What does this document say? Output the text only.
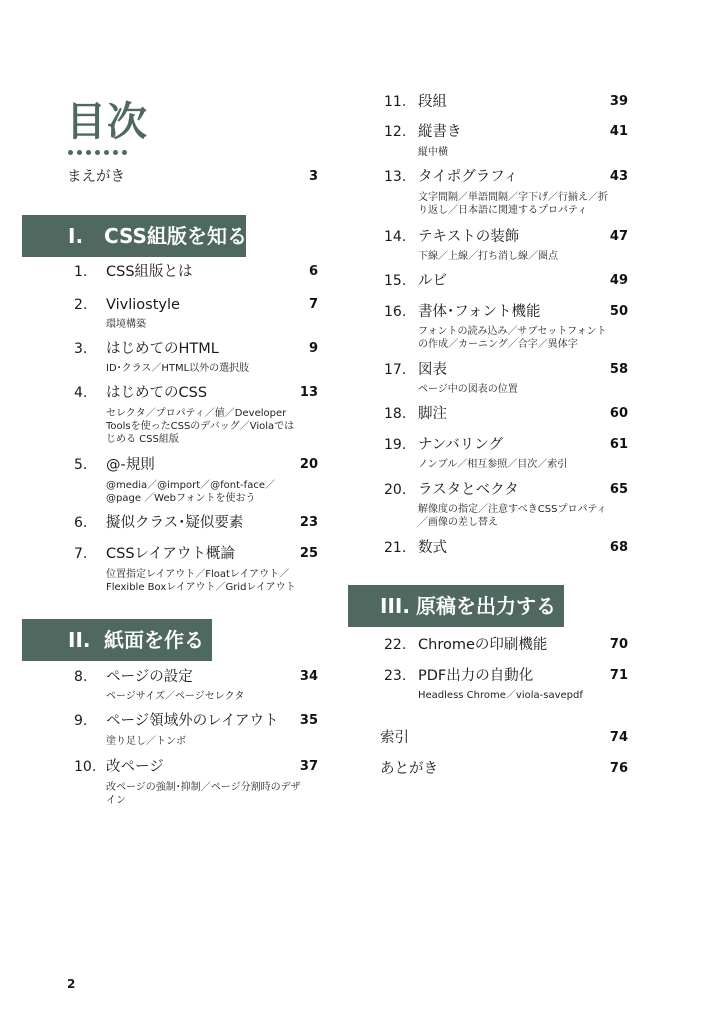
目次
まえがき	3
I. CSS組版を知る
1. CSS組版とは	6
2. Vivliostyle	7
環境構築
3. はじめてのHTML	9
ID･クラス／HTML以外の選択肢
4. はじめてのCSS	13
セレクタ／プロパティ／値／Developer Toolsを使ったCSSのデバッグ／Violaではじめる CSS組版
5. @-規則	20
@media／@import／@font-face／@page ／Webフォントを使おう
6. 擬似クラス･疑似要素	23
7. CSSレイアウト概論	25
位置指定レイアウト／Floatレイアウト／ Flexible Boxレイアウト／Gridレイアウト
II. 紙面を作る
8. ページの設定	34
ページサイズ／ページセレクタ
9. ページ領域外のレイアウト	35
塗り足し／トンボ
10. 改ページ	37
改ページの強制･抑制／ページ分割時のデザイン
11. 段組	39
12. 縦書き	41
縦中横
13. タイポグラフィ	43
文字間隔／単語間隔／字下げ／行揃え／折り返し／日本語に関連するプロパティ
14. テキストの装飾	47
下線／上線／打ち消し線／圏点
15. ルビ	49
16. 書体･フォント機能	50
フォントの読み込み／サブセットフォントの作成／カーニング／合字／異体字
17. 図表	58
ページ中の図表の位置
18. 脚注	60
19. ナンバリング	61
ノンブル／相互参照／目次／索引
20. ラスタとベクタ	65
解像度の指定／注意すべきCSSプロパティ ／画像の差し替え
21. 数式	68
III. 原稿を出力する
22. Chromeの印刷機能	70
23. PDF出力の自動化	71
Headless Chrome／viola-savepdf
索引	74
あとがき	76
2
